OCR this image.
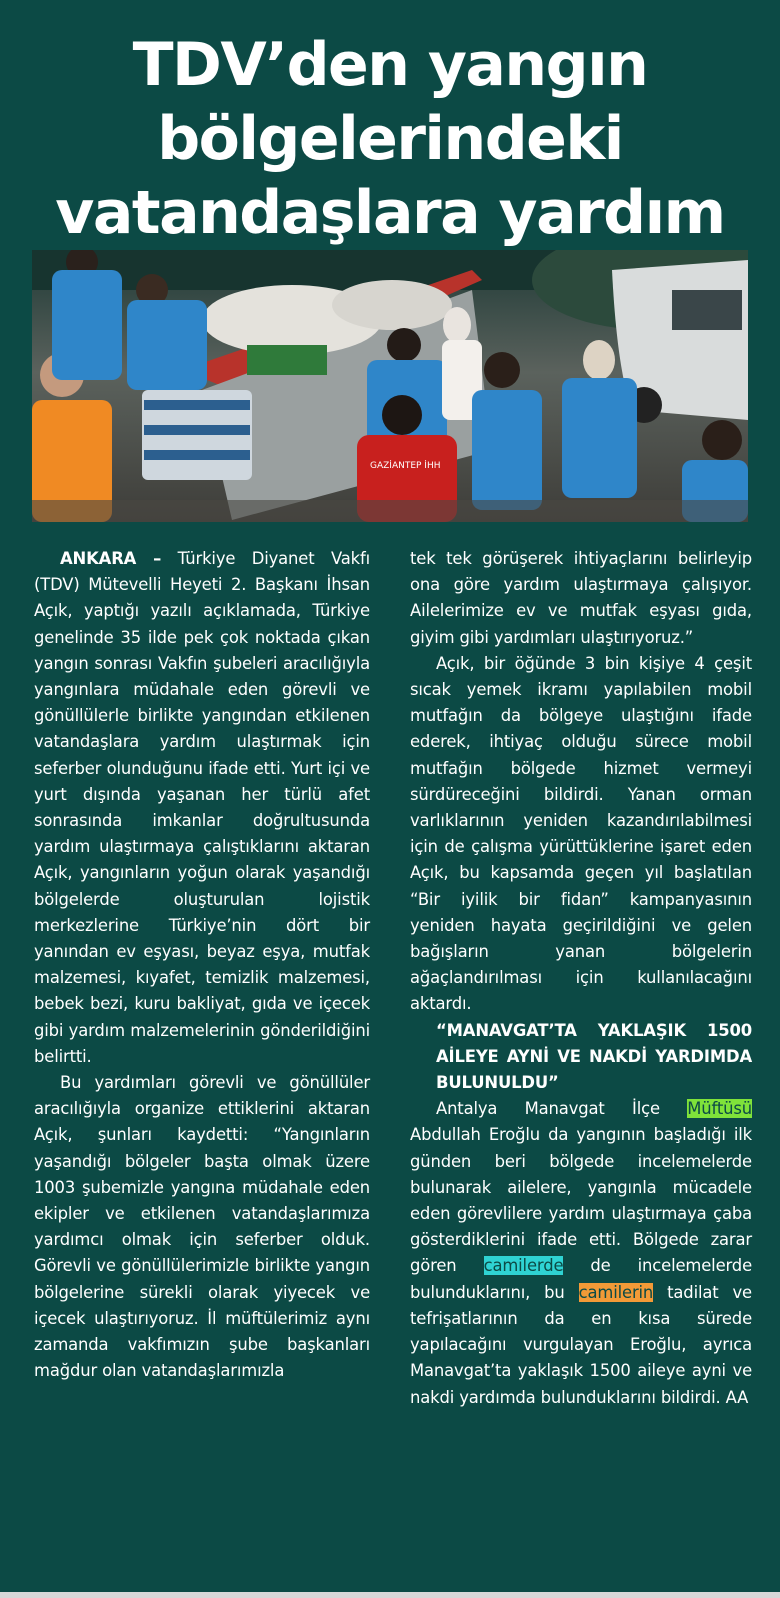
TDV’den yangın
bölgelerindeki
vatandaşlara yardım
GAZİANTEP İHH

ANKARA – Türkiye Diyanet Vakfı (TDV) Mütevelli Heyeti 2. Başkanı İhsan Açık, yaptığı yazılı açıklamada, Türkiye genelinde 35 ilde pek çok noktada çıkan yangın sonrası Vakfın şubeleri aracılığıyla yangınlara müdahale eden görevli ve gönüllülerle birlikte yangından etkilenen vatandaşlara yardım ulaştırmak için seferber olunduğunu ifade etti. Yurt içi ve yurt dışında yaşanan her türlü afet sonrasında imkanlar doğrultusunda yardım ulaştırmaya çalıştıklarını aktaran Açık, yangınların yoğun olarak yaşandığı bölgelerde oluşturulan lojistik merkezlerine Türkiye’nin dört bir yanından ev eşyası, beyaz eşya, mutfak malzemesi, kıyafet, temizlik malzemesi, bebek bezi, kuru bakliyat, gıda ve içecek gibi yardım malzemelerinin gönderildiğini belirtti.

Bu yardımları görevli ve gönüllüler aracılığıyla organize ettiklerini aktaran Açık, şunları kaydetti: “Yangınların yaşandığı bölgeler başta olmak üzere 1003 şubemizle yangına müdahale eden ekipler ve etkilenen vatandaşlarımıza yardımcı olmak için seferber olduk. Görevli ve gönüllülerimizle birlikte yangın bölgelerine sürekli olarak yiyecek ve içecek ulaştırıyoruz. İl müftülerimiz aynı zamanda vakfımızın şube başkanları mağdur olan vatandaşlarımızla

tek tek görüşerek ihtiyaçlarını belirleyip ona göre yardım ulaştırmaya çalışıyor. Ailelerimize ev ve mutfak eşyası gıda, giyim gibi yardımları ulaştırıyoruz.”

Açık, bir öğünde 3 bin kişiye 4 çeşit sıcak yemek ikramı yapılabilen mobil mutfağın da bölgeye ulaştığını ifade ederek, ihtiyaç olduğu sürece mobil mutfağın bölgede hizmet vermeyi sürdüreceğini bildirdi. Yanan orman varlıklarının yeniden kazandırılabilmesi için de çalışma yürüttüklerine işaret eden Açık, bu kapsamda geçen yıl başlatılan “Bir iyilik bir fidan” kampanyasının yeniden hayata geçirildiğini ve gelen bağışların yanan bölgelerin ağaçlandırılması için kullanılacağını aktardı.

“MANAVGAT’TA YAKLAŞIK 1500 AİLEYE AYNİ VE NAKDİ YARDIMDA BULUNULDU”

Antalya Manavgat İlçe Müftüsü Abdullah Eroğlu da yangının başladığı ilk günden beri bölgede incelemelerde bulunarak ailelere, yangınla mücadele eden görevlilere yardım ulaştırmaya çaba gösterdiklerini ifade etti. Bölgede zarar gören camilerde de incelemelerde bulunduklarını, bu camilerin tadilat ve tefrişatlarının da en kısa sürede yapılacağını vurgulayan Eroğlu, ayrıca Manavgat’ta yaklaşık 1500 aileye ayni ve nakdi yardımda bulunduklarını bildirdi. AA
